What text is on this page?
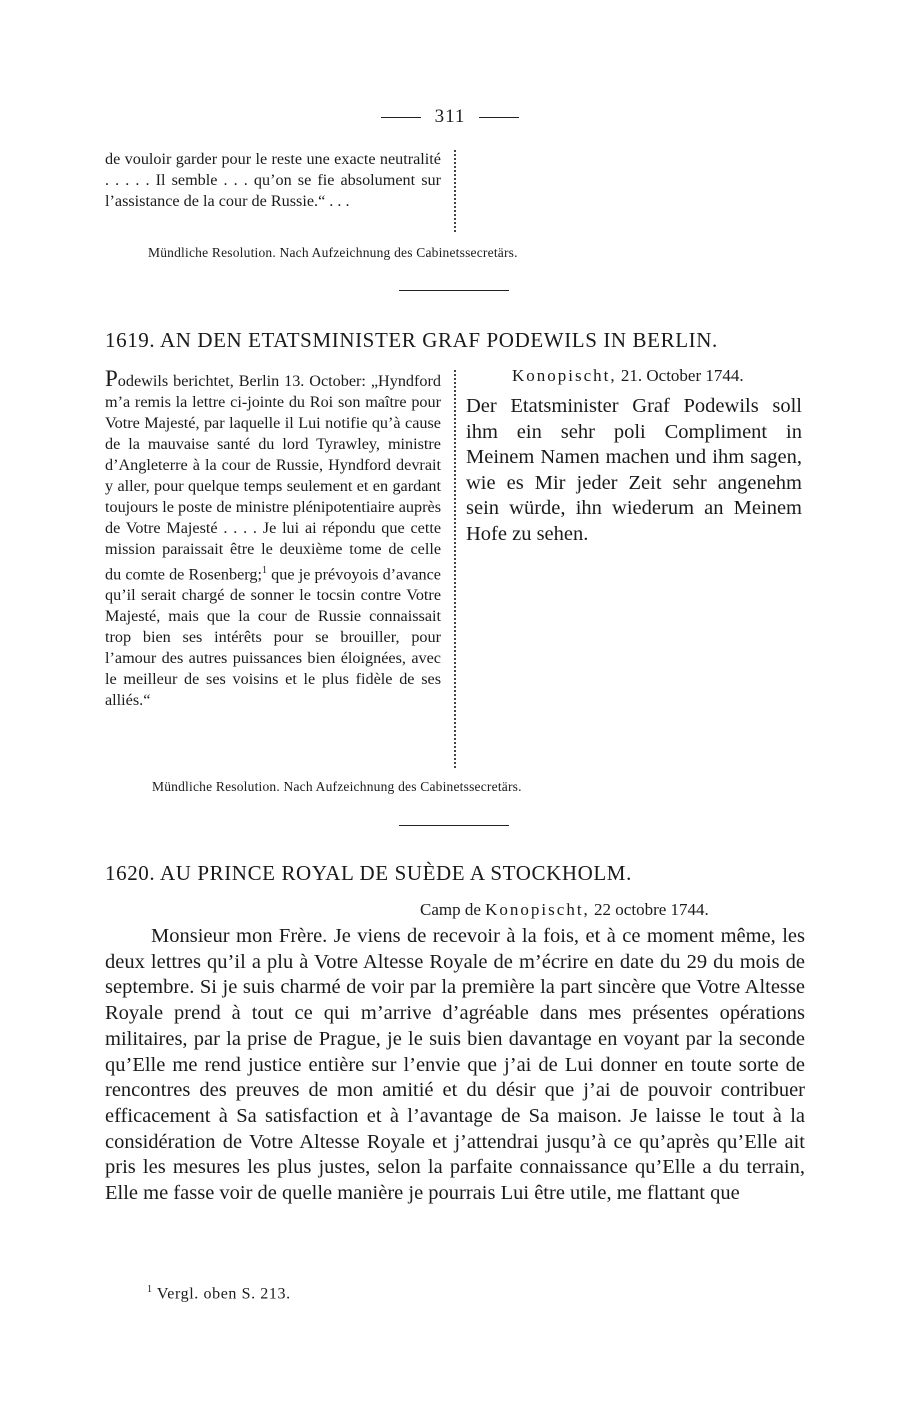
311

de vouloir garder pour le reste une exacte neutralité . . . . . Il semble . . . qu’on se fie absolument sur l’assistance de la cour de Russie.“ . . .

Mündliche Resolution. Nach Aufzeichnung des Cabinetssecretärs.
1619. AN DEN ETATSMINISTER GRAF PODEWILS IN BERLIN.

Podewils berichtet, Berlin 13. October: „Hyndford m’a remis la lettre ci-jointe du Roi son maître pour Votre Majesté, par laquelle il Lui notifie qu’à cause de la mauvaise santé du lord Tyrawley, ministre d’Angleterre à la cour de Russie, Hyndford devrait y aller, pour quelque temps seulement et en gardant toujours le poste de ministre plénipotentiaire auprès de Votre Majesté . . . . Je lui ai répondu que cette mission paraissait être le deuxième tome de celle du comte de Rosenberg;$^1$ que je prévoyois d’avance qu’il serait chargé de sonner le tocsin contre Votre Majesté, mais que la cour de Russie connaissait trop bien ses intérêts pour se brouiller, pour l’amour des autres puissances bien éloignées, avec le meilleur de ses voisins et le plus fidèle de ses alliés.“

Konopischt, 21. October 1744.

Der Etatsminister Graf Podewils soll ihm ein sehr poli Compliment in Meinem Namen machen und ihm sagen, wie es Mir jeder Zeit sehr angenehm sein würde, ihn wiederum an Meinem Hofe zu sehen.

Mündliche Resolution. Nach Aufzeichnung des Cabinetssecretärs.
1620. AU PRINCE ROYAL DE SUÈDE A STOCKHOLM.
Camp de Konopischt, 22 octobre 1744.

Monsieur mon Frère. Je viens de recevoir à la fois, et à ce moment même, les deux lettres qu’il a plu à Votre Altesse Royale de m’écrire en date du 29 du mois de septembre. Si je suis charmé de voir par la première la part sincère que Votre Altesse Royale prend à tout ce qui m’arrive d’agréable dans mes présentes opérations militaires, par la prise de Prague, je le suis bien davantage en voyant par la seconde qu’Elle me rend justice entière sur l’envie que j’ai de Lui donner en toute sorte de rencontres des preuves de mon amitié et du désir que j’ai de pouvoir contribuer efficacement à Sa satisfaction et à l’avantage de Sa maison. Je laisse le tout à la considération de Votre Altesse Royale et j’attendrai jusqu’à ce qu’après qu’Elle ait pris les mesures les plus justes, selon la parfaite connaissance qu’Elle a du terrain, Elle me fasse voir de quelle manière je pourrais Lui être utile, me flattant que

$^1$ Vergl. oben S. 213.
